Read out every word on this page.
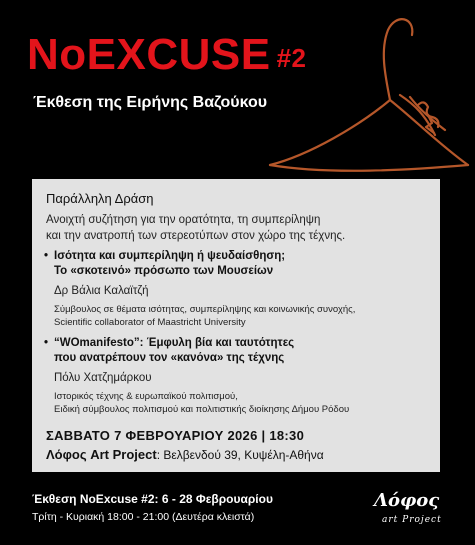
NoEXCUSE #2
Έκθεση της Ειρήνης Βαζούκου
Παράλληλη Δράση
Ανοιχτή συζήτηση για την ορατότητα, τη συμπερίληψη
και την ανατροπή των στερεοτύπων στον χώρο της τέχνης.
• Ισότητα και συμπερίληψη ή ψευδαίσθηση;
Το «σκοτεινό» πρόσωπο των Μουσείων
Δρ Βάλια Καλαϊτζή
Σύμβουλος σε θέματα ισότητας, συμπερίληψης και κοινωνικής συνοχής,
Scientific collaborator of Maastricht University
• “WOmanifesto”: Έμφυλη βία και ταυτότητες
που ανατρέπουν τον «κανόνα» της τέχνης
Πόλυ Χατζημάρκου
Ιστορικός τέχνης & ευρωπαϊκού πολιτισμού,
Ειδική σύμβουλος πολιτισμού και πολιτιστικής διοίκησης Δήμου Ρόδου
ΣΑΒΒΑΤΟ 7 ΦΕΒΡΟΥΑΡΙΟΥ 2026 | 18:30
Λόφος Art Project: Βελβενδού 39, Κυψέλη-Αθήνα
Έκθεση NoExcuse #2: 6 - 28 Φεβρουαρίου
Τρίτη - Κυριακή 18:00 - 21:00 (Δευτέρα κλειστά)
Λόφος
art Project
